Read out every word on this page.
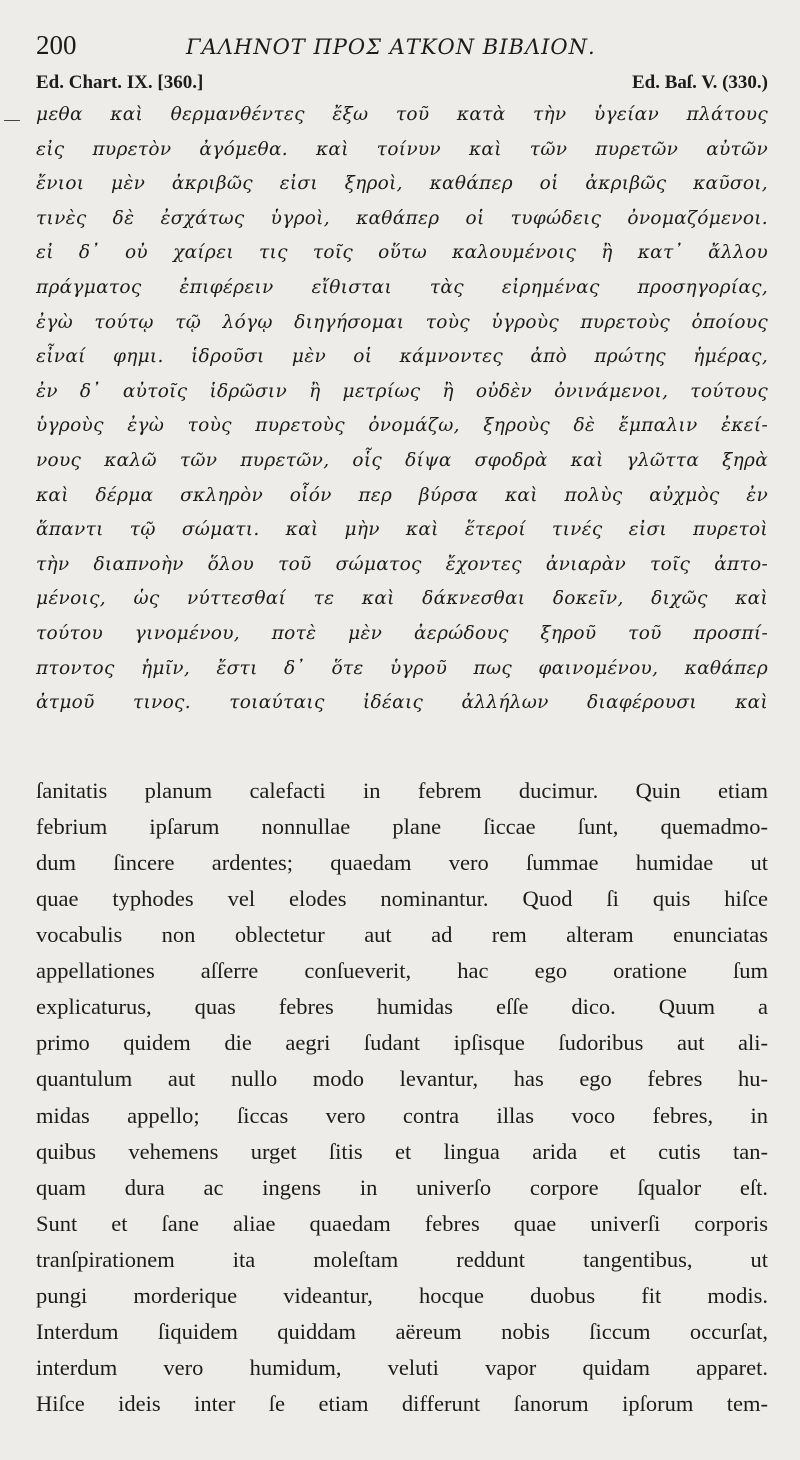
200	ΓΑΛΗΝΟΤ ΠΡΟΣ ΑΤΚΟΝ ΒΙΒΛΙΟΝ.
Ed. Chart. IX. [360.]	Ed. Baſ. V. (330.)
μεθα καὶ θερμανθέντες ἔξω τοῦ κατὰ τὴν ὑγείαν πλάτους
εἰς πυρετὸν ἀγόμεθα. καὶ τοίνυν καὶ τῶν πυρετῶν αὐτῶν
ἔνιοι μὲν ἀκριβῶς εἰσι ξηροὶ, καθάπερ οἱ ἀκριβῶς καῦσοι,
τινὲς δὲ ἐσχάτως ὑγροὶ, καθάπερ οἱ τυφώδεις ὀνομαζόμενοι.
εἰ δ᾽ οὐ χαίρει τις τοῖς οὕτω καλουμένοις ἢ κατ᾽ ἄλλου
πράγματος ἐπιφέρειν εἴθισται τὰς εἰρημένας προσηγορίας,
ἐγὼ τούτῳ τῷ λόγῳ διηγήσομαι τοὺς ὑγροὺς πυρετοὺς ὁποίους
εἶναί φημι. ἱδροῦσι μὲν οἱ κάμνοντες ἀπὸ πρώτης ἡμέρας,
ἐν δ᾽ αὐτοῖς ἱδρῶσιν ἢ μετρίως ἢ οὐδὲν ὀνινάμενοι, τούτους
ὑγροὺς ἐγὼ τοὺς πυρετοὺς ὀνομάζω, ξηροὺς δὲ ἔμπαλιν ἐκεί-
νους καλῶ τῶν πυρετῶν, οἷς δίψα σφοδρὰ καὶ γλῶττα ξηρὰ
καὶ δέρμα σκληρὸν οἷόν περ βύρσα καὶ πολὺς αὐχμὸς ἐν
ἅπαντι τῷ σώματι. καὶ μὴν καὶ ἕτεροί τινές εἰσι πυρετοὶ
τὴν διαπνοὴν ὅλου τοῦ σώματος ἔχοντες ἀνιαρὰν τοῖς ἀπτο-
μένοις, ὡς νύττεσθαί τε καὶ δάκνεσθαι δοκεῖν, διχῶς καὶ
τούτου γινομένου, ποτὲ μὲν ἀερώδους ξηροῦ τοῦ προσπί-
πτοντος ἡμῖν, ἔστι δ᾽ ὅτε ὑγροῦ πως φαινομένου, καθάπερ
ἀτμοῦ τινος. τοιαύταις ἰδέαις ἀλλήλων διαφέρουσι καὶ
ſanitatis planum calefacti in febrem ducimur. Quin etiam
febrium ipſarum nonnullae plane ſiccae ſunt, quemadmo-
dum ſincere ardentes; quaedam vero ſummae humidae ut
quae typhodes vel elodes nominantur. Quod ſi quis hiſce
vocabulis non oblectetur aut ad rem alteram enunciatas
appellationes aſſerre conſueverit, hac ego oratione ſum
explicaturus, quas febres humidas eſſe dico. Quum a
primo quidem die aegri ſudant ipſisque ſudoribus aut ali-
quantulum aut nullo modo levantur, has ego febres hu-
midas appello; ſiccas vero contra illas voco febres, in
quibus vehemens urget ſitis et lingua arida et cutis tan-
quam dura ac ingens in univerſo corpore ſqualor eſt.
Sunt et ſane aliae quaedam febres quae univerſi corporis
tranſpirationem ita moleſtam reddunt tangentibus, ut
pungi morderique videantur, hocque duobus fit modis.
Interdum ſiquidem quiddam aëreum nobis ſiccum occurſat,
interdum vero humidum, veluti vapor quidam apparet.
Hiſce ideis inter ſe etiam differunt ſanorum ipſorum tem-
